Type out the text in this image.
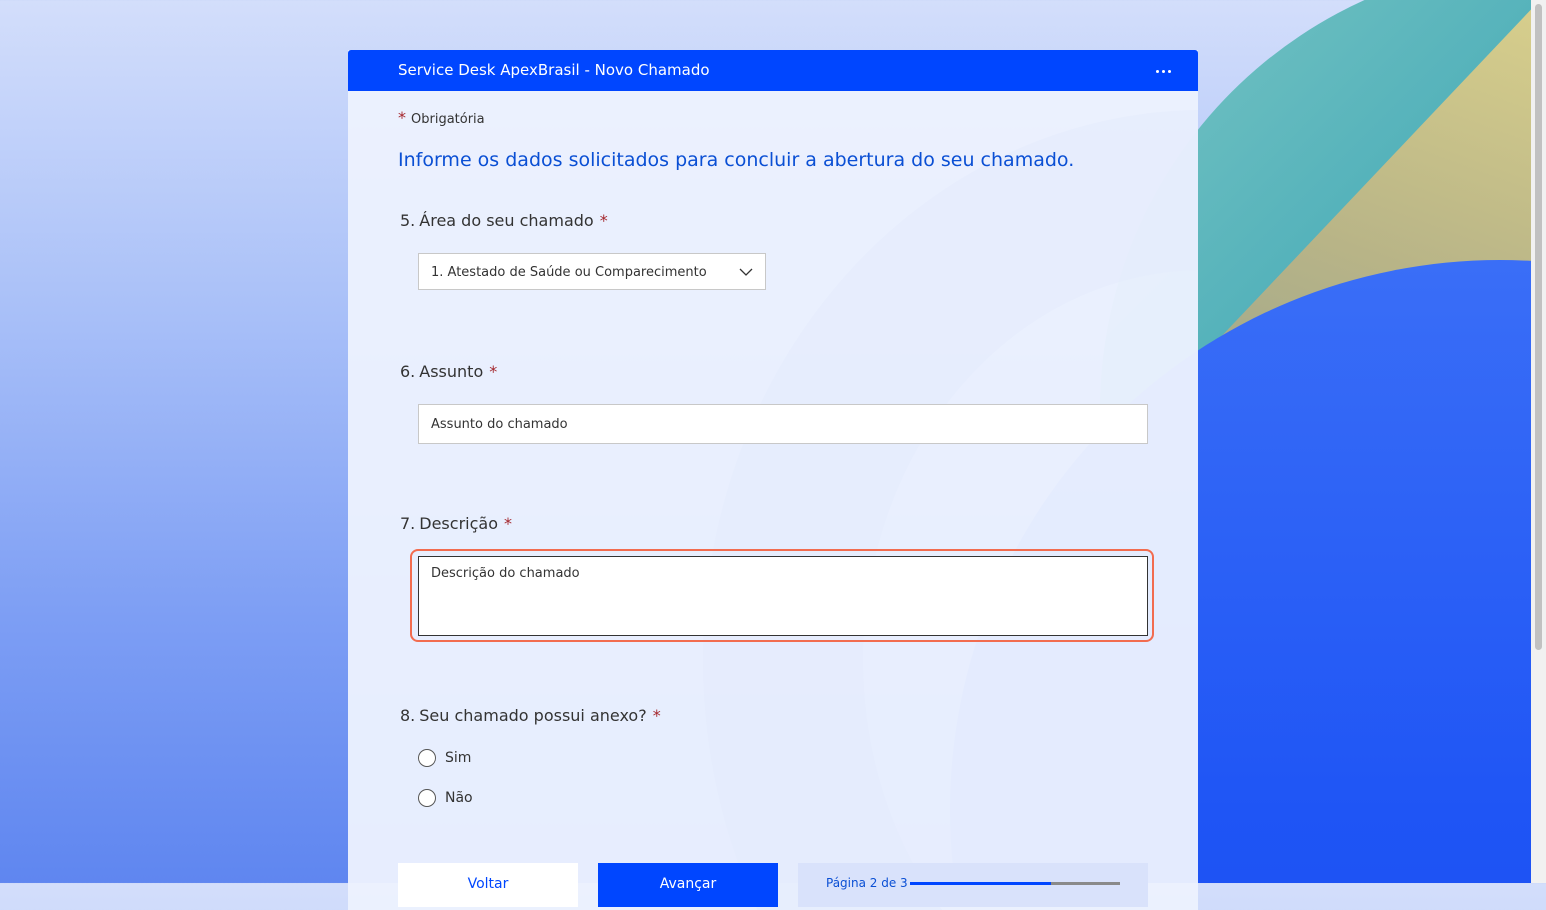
Service Desk ApexBrasil - Novo Chamado
* Obrigatória
Informe os dados solicitados para concluir a abertura do seu chamado.
5. Área do seu chamado *
1. Atestado de Saúde ou Comparecimento
6. Assunto *
Assunto do chamado
7. Descrição *
Descrição do chamado
8. Seu chamado possui anexo? *
Sim
Não
Voltar	Avançar	Página 2 de 3
